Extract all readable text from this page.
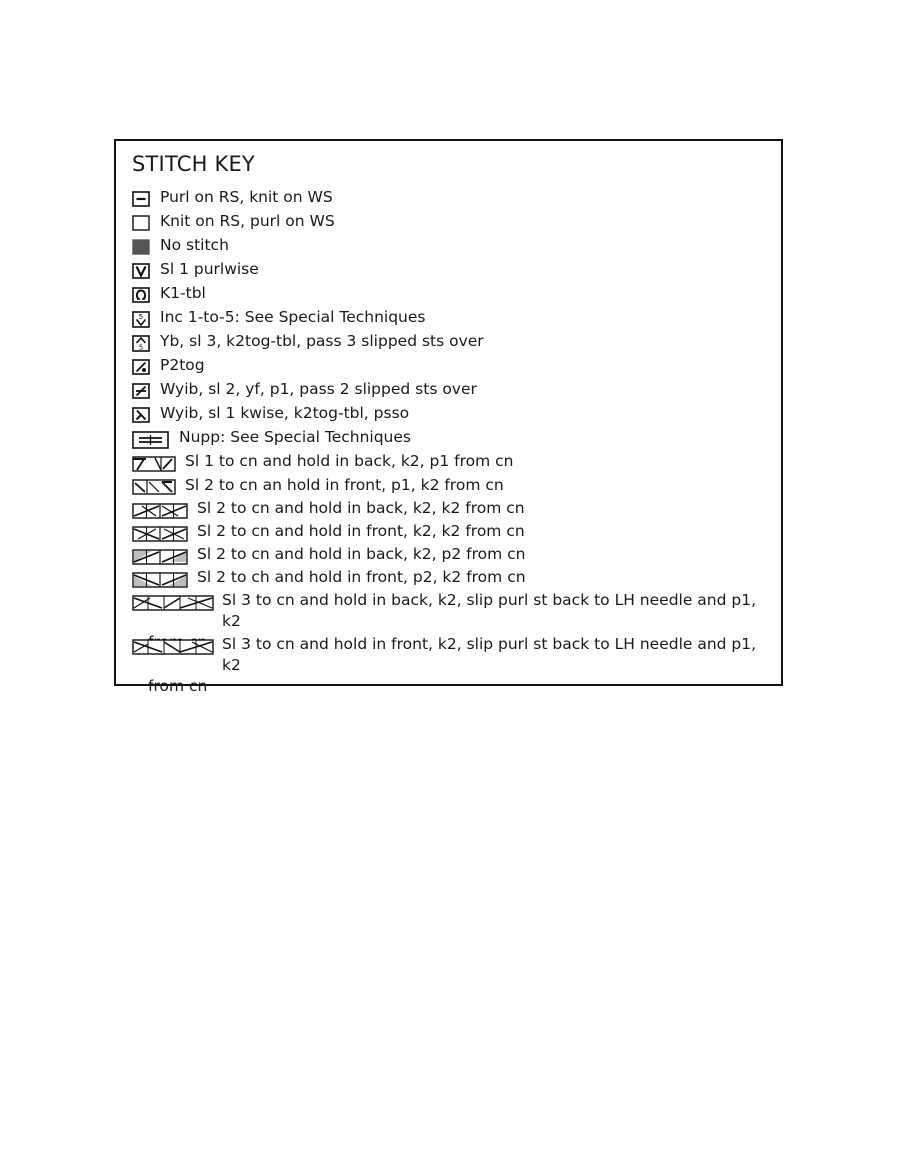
STITCH KEY
Purl on RS, knit on WS
Knit on RS, purl on WS
No stitch
Sl 1 purlwise
K1-tbl
5 Inc 1-to-5: See Special Techniques
5 Yb, sl 3, k2tog-tbl, pass 3 slipped sts over
P2tog
Wyib, sl 2, yf, p1, pass 2 slipped sts over
Wyib, sl 1 kwise, k2tog-tbl, psso
Nupp: See Special Techniques
Sl 1 to cn and hold in back, k2, p1 from cn
Sl 2 to cn an hold in front, p1, k2 from cn
Sl 2 to cn and hold in back, k2, k2 from cn
Sl 2 to cn and hold in front, k2, k2 from cn
Sl 2 to cn and hold in back, k2, p2 from cn
Sl 2 to ch and hold in front, p2, k2 from cn
Sl 3 to cn and hold in back, k2, slip purl st back to LH needle and p1, k2
Sl 3 to cn and hold in front, k2, slip purl st back to LH needle and p1, k2
from cn
